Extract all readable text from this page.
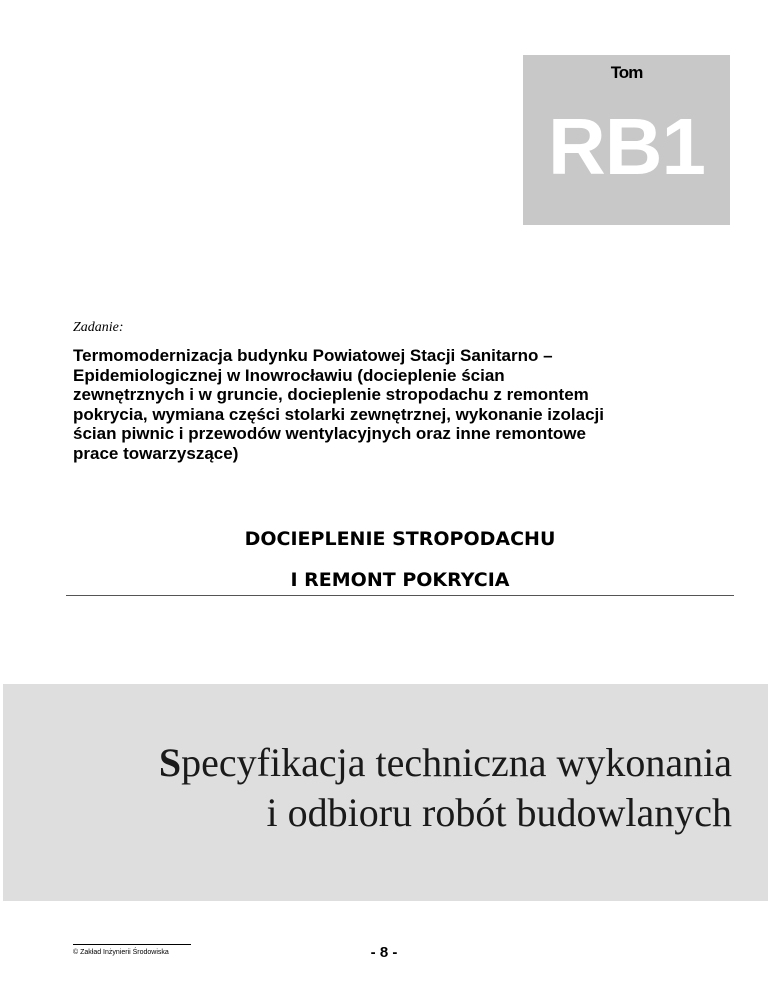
Tom
RB1
Zadanie:
Termomodernizacja budynku Powiatowej Stacji Sanitarno –
Epidemiologicznej w Inowrocławiu (docieplenie ścian
zewnętrznych i w gruncie, docieplenie stropodachu z remontem
pokrycia, wymiana części stolarki zewnętrznej, wykonanie izolacji
ścian piwnic i przewodów wentylacyjnych oraz inne remontowe
prace towarzyszące)
DOCIEPLENIE STROPODACHU
I REMONT POKRYCIA
Specyfikacja techniczna wykonania
i odbioru robót budowlanych
© Zakład Inżynierii Środowiska	- 8 -
